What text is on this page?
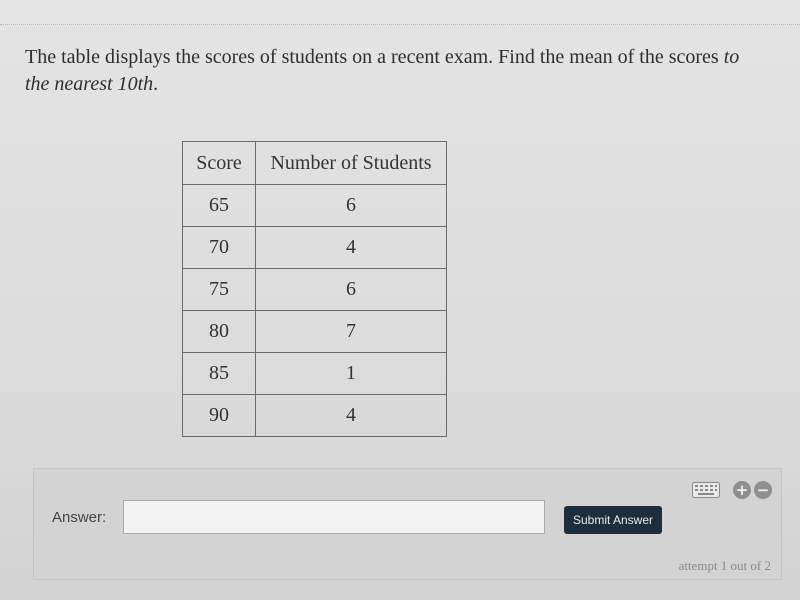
The table displays the scores of students on a recent exam. Find the mean of the scores to the nearest 10th.
Score	Number of Students
65	6
70	4
75	6
80	7
85	1
90	4
Answer:	Submit Answer
+ −
attempt 1 out of 2
